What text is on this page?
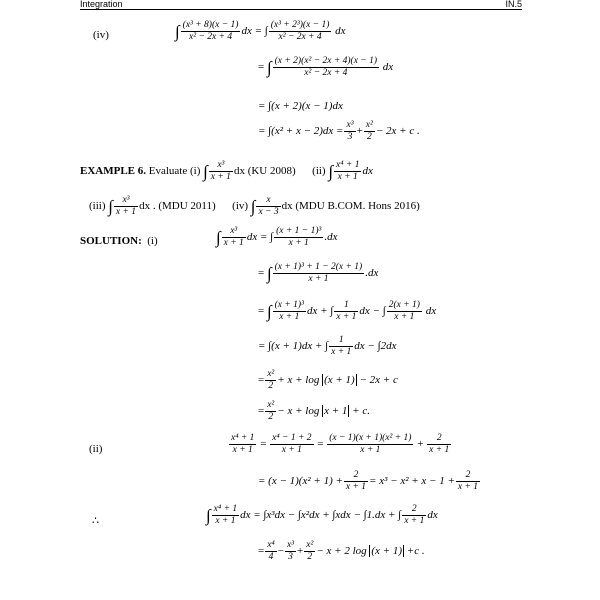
Integration	IN.5
(iv)	∫ $\frac{\text{(x³ + 8)(x − 1)}}{\text{x² − 2x + 4}}$ dx = ∫ $\frac{\text{(x³ + 2³)(x − 1)}}{\text{x² − 2x + 4}}$ dx
= ∫ $\frac{\text{(x + 2)(x² − 2x + 4)(x − 1)}}{\text{x² − 2x + 4}}$ dx
= ∫(x + 2)(x − 1)dx
= $\int(x^2 + x - 2)dx = \frac{\text{x³}}{3} + \frac{\text{x²}}{2} - 2x + c$ .
EXAMPLE 6. Evaluate (i) ∫ $\frac{\text{x³}}{x + 1}$ dx (KU 2008) (ii) ∫ $\frac{\text{x⁴ + 1}}{x + 1}$ dx
(iii) ∫ $\frac{\text{x³}}{x + 1}$ dx . (MDU 2011) (iv) ∫ $\frac{x}{x - 3}$ dx (MDU B.COM. Hons 2016)
SOLUTION: (i)	∫ $\frac{\text{x³}}{x + 1}$ dx = ∫ $\frac{\text{(x + 1 − 1)³}}{x + 1} .dx$
= ∫ $\frac{\text{(x + 1)³ + 1 − 2(x + 1)}}{x + 1} .dx$
= ∫ $\frac{\text{(x + 1)³}}{x + 1}$ dx + ∫ $\frac{1}{x + 1}$ dx − ∫ $\frac{2(x + 1)}{x + 1}$ dx
= ∫(x + 1)dx + ∫ $\frac{1}{x + 1}$ dx − ∫2dx
= $\frac{\text{x²}}{2} + x + \log (x + 1) - 2x + c$
= $\frac{\text{x²}}{2} - x + \log x + 1 + c$.
(ii)	$\frac{\text{x⁴ + 1}}{x + 1} = \frac{\text{x⁴ − 1 + 2}}{x + 1} = \frac{\text{(x − 1)(x + 1)(x² + 1)}}{x + 1} + \frac{2}{x + 1}$
= $(x - 1)(x^2 + 1) + \frac{2}{x + 1} = x^3 - x^2 + x - 1 + \frac{2}{x + 1}$
∴	∫ $\frac{\text{x⁴ + 1}}{x + 1}$ dx = ∫x³dx − ∫x²dx + ∫xdx − ∫1.dx + ∫ $\frac{2}{x + 1}$ dx
= $\frac{\text{x⁴}}{4} - \frac{\text{x³}}{3} + \frac{\text{x²}}{2} - x + 2$ log (x + 1) +c .
